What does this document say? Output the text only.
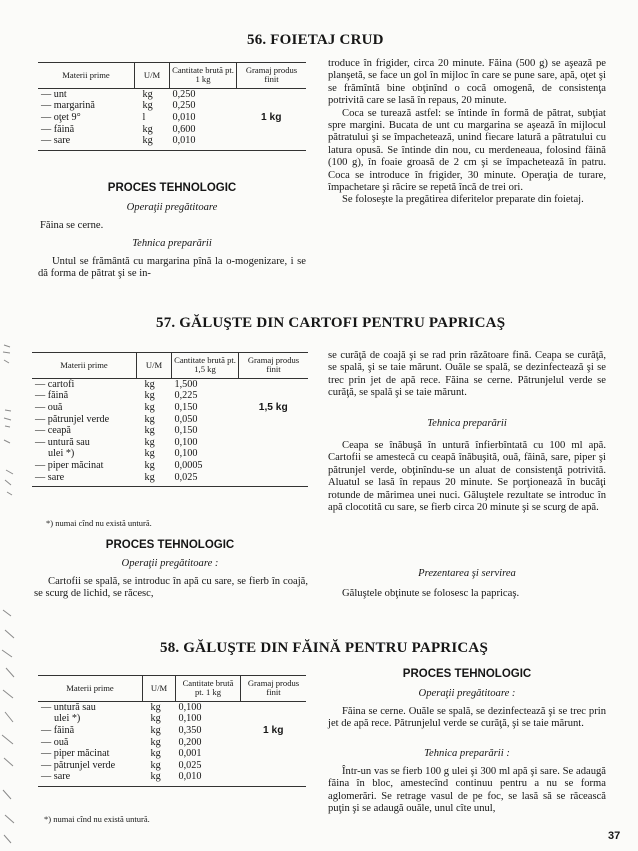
56. FOIETAJ CRUD
Materii prime	U/M	Cantitate brută pt. 1 kg	Gramaj produs finit
— unt	kg	0,250	
— margarină	kg	0,250	
— oţet 9°	l	0,010	1 kg
— făină	kg	0,600	
— sare	kg	0,010	
PROCES TEHNOLOGIC
Operaţii pregătitoare
Făina se cerne.
Tehnica preparării

Untul se frământă cu margarina pînă la o-mogenizare, i se dă forma de pătrat şi se in-

troduce în frigider, circa 20 minute. Făina (500 g) se aşează pe planşetă, se face un gol în mijloc în care se pune sare, apă, oţet şi se frămîntă bine obţinînd o cocă omogenă, de consistenţa potrivită care se lasă în repaus, 20 minute.

Coca se turează astfel: se întinde în formă de pătrat, subţiat spre margini. Bucata de unt cu margarina se aşează în mijlocul pătratului şi se împachetează, unind fiecare latură a pătratului cu latura opusă. Se întinde din nou, cu merdeneaua, folosind făină (100 g), în foaie groasă de 2 cm şi se împachetează în patru. Coca se introduce în frigider, 30 minute. Operaţia de turare, împachetare şi răcire se repetă încă de trei ori.

Se foloseşte la pregătirea diferitelor preparate din foietaj.

57. GĂLUŞTE DIN CARTOFI PENTRU PAPRICAŞ
Materii prime	U/M	Cantitate brută pt. 1,5 kg	Gramaj produs finit
— cartofi	kg	1,500	
— făină	kg	0,225	
— ouă	kg	0,150	1,5 kg
— pătrunjel verde	kg	0,050	
— ceapă	kg	0,150	
— untură sau	kg	0,100	
ulei *)	kg	0,100	
— piper măcinat	kg	0,0005	
— sare	kg	0,025	
*) numai cînd nu există untură.
PROCES TEHNOLOGIC
Operaţii pregătitoare :

Cartofii se spală, se introduc în apă cu sare, se fierb în coajă, se scurg de lichid, se răcesc,

se curăţă de coajă şi se rad prin răzătoare fină. Ceapa se curăţă, se spală, şi se taie mărunt. Ouăle se spală, se dezinfectează şi se trec prin jet de apă rece. Făina se cerne. Pătrunjelul verde se curăţă, se spală şi se taie mărunt.

Tehnica preparării

Ceapa se înăbuşă în untură înfierbîntată cu 100 ml apă. Cartofii se amestecă cu ceapă înăbuşită, ouă, făină, sare, piper şi pătrunjel verde, obţinîndu-se un aluat de consistenţă potrivită. Aluatul se lasă în repaus 20 minute. Se porţionează în bucăţi rotunde de mărimea unei nuci. Găluştele rezultate se introduc în apă clocotită cu sare, se fierb circa 20 minute şi se scurg de apă.

Prezentarea şi servirea

Găluştele obţinute se folosesc la papricaş.

58. GĂLUŞTE DIN FĂINĂ PENTRU PAPRICAŞ
Materii prime	U/M	Cantitate brută pt. 1 kg	Gramaj produs finit
— untură sau	kg	0,100	
ulei *)	kg	0,100	
— făină	kg	0,350	1 kg
— ouă	kg	0,200	
— piper măcinat	kg	0,001	
— pătrunjel verde	kg	0,025	
— sare	kg	0,010	
*) numai cînd nu există untură.
PROCES TEHNOLOGIC
Operaţii pregătitoare :

Făina se cerne. Ouăle se spală, se dezinfectează şi se trec prin jet de apă rece. Pătrunjelul verde se curăţă, şi se taie mărunt.

Tehnica preparării :

Într-un vas se fierb 100 g ulei şi 300 ml apă şi sare. Se adaugă făina în bloc, amestecînd continuu pentru a nu se forma aglomerări. Se retrage vasul de pe foc, se lasă să se răcească puţin şi se adaugă ouăle, unul cîte unul,

37
